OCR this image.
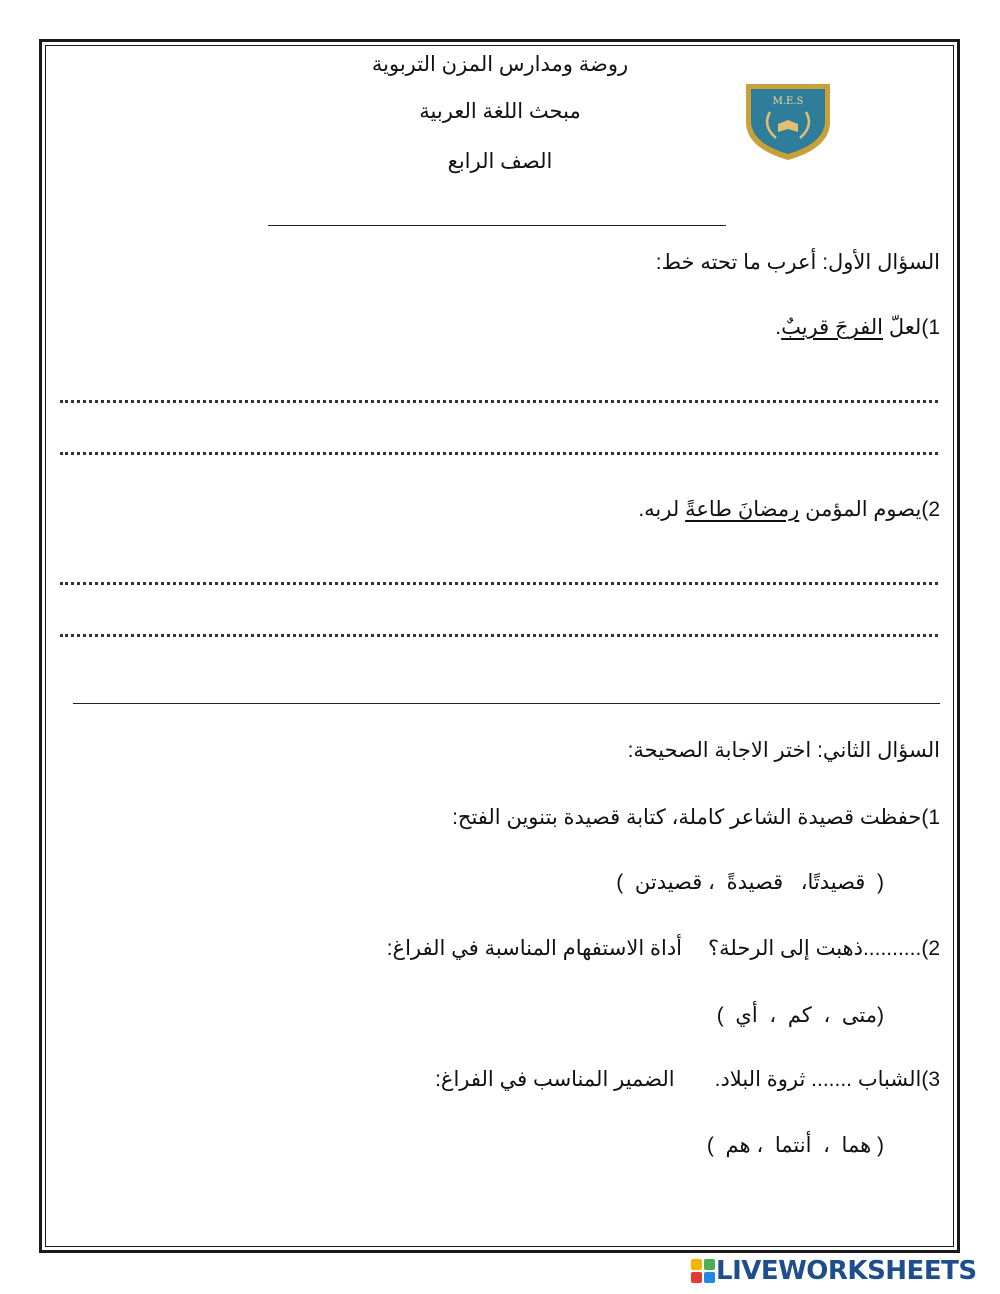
روضة ومدارس المزن التربوية
مبحث اللغة العربية
الصف الرابع
M.E.S
السؤال الأول: أعرب ما تحته خط:
1)لعلّ الفرجَ قريبٌ.
2)يصوم المؤمن رمضانَ طاعةً لربه.
السؤال الثاني: اختر الاجابة الصحيحة:
1)حفظت قصيدة الشاعر كاملة، كتابة قصيدة بتنوين الفتح:
(  قصيدتًا،   قصيدةً  ، قصيدتن  )
2)..........ذهبت إلى الرحلة؟أداة الاستفهام المناسبة في الفراغ:
(متى  ،  كم  ،  أي  )
3)الشباب ....... ثروة البلاد.الضمير المناسب في الفراغ:
( هما  ،  أنتما  ، هم  )
LIVEWORKSHEETS
